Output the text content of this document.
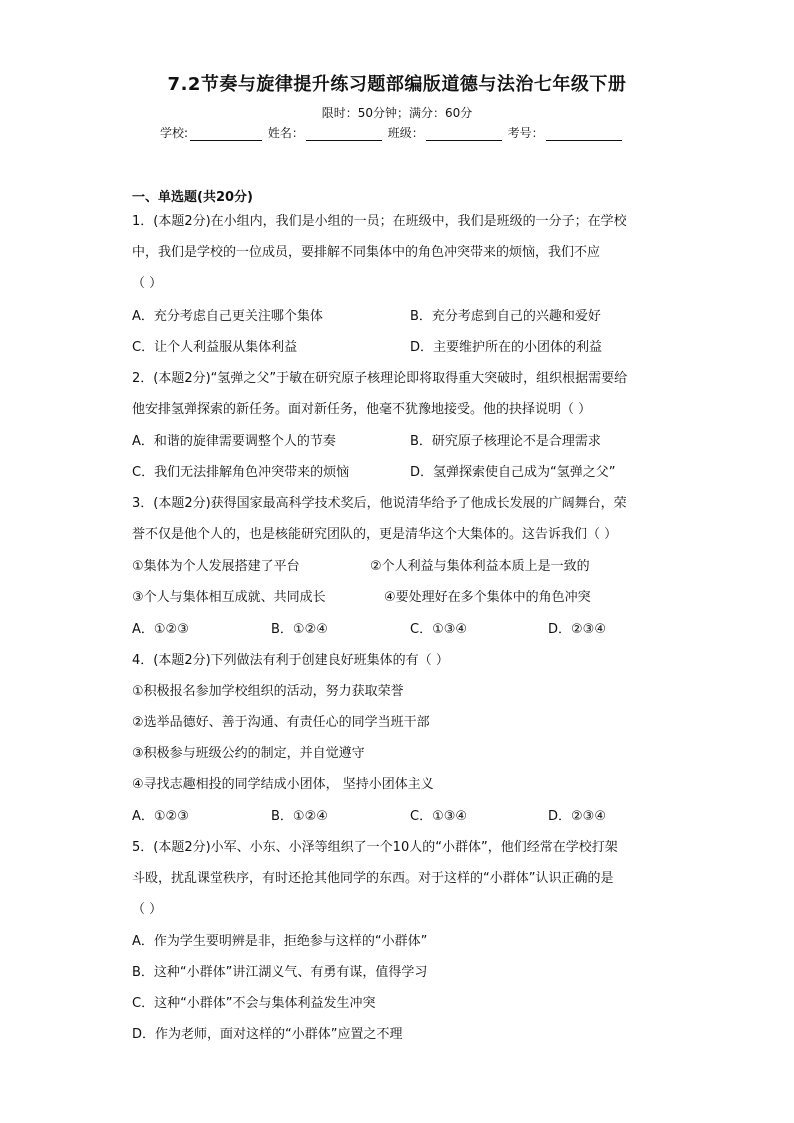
7.2节奏与旋律提升练习题部编版道德与法治七年级下册
限时：50分钟；满分：60分
学校:	姓名：	班级：	考号：
一、单选题(共20分)
1．(本题2分)在小组内，我们是小组的一员；在班级中，我们是班级的一分子；在学校
中，我们是学校的一位成员，要排解不同集体中的角色冲突带来的烦恼，我们不应
（ ）
A．充分考虑自己更关注哪个集体	B．充分考虑到自己的兴趣和爱好
C．让个人利益服从集体利益	D．主要维护所在的小团体的利益
2．(本题2分)“氢弹之父”于敏在研究原子核理论即将取得重大突破时，组织根据需要给
他安排氢弹探索的新任务。面对新任务，他毫不犹豫地接受。他的抉择说明（ ）
A．和谐的旋律需要调整个人的节奏	B．研究原子核理论不是合理需求
C．我们无法排解角色冲突带来的烦恼	D．氢弹探索使自己成为“氢弹之父”
3．(本题2分)获得国家最高科学技术奖后，他说清华给予了他成长发展的广阔舞台，荣
誉不仅是他个人的，也是核能研究团队的，更是清华这个大集体的。这告诉我们（ ）
①集体为个人发展搭建了平台	②个人利益与集体利益本质上是一致的
③个人与集体相互成就、共同成长	④要处理好在多个集体中的角色冲突
A．①②③	B．①②④	C．①③④	D．②③④
4．(本题2分)下列做法有利于创建良好班集体的有（ ）
①积极报名参加学校组织的活动，努力获取荣誉
②选举品德好、善于沟通、有责任心的同学当班干部
③积极参与班级公约的制定，并自觉遵守
④寻找志趣相投的同学结成小团体， 坚持小团体主义
A．①②③	B．①②④	C．①③④	D．②③④
5．(本题2分)小军、小东、小泽等组织了一个10人的“小群体”，他们经常在学校打架
斗殴，扰乱课堂秩序，有时还抢其他同学的东西。对于这样的“小群体”认识正确的是
（ ）
A．作为学生要明辨是非，拒绝参与这样的“小群体”
B．这种“小群体”讲江湖义气、有勇有谋，值得学习
C．这种“小群体”不会与集体利益发生冲突
D．作为老师，面对这样的“小群体”应置之不理
